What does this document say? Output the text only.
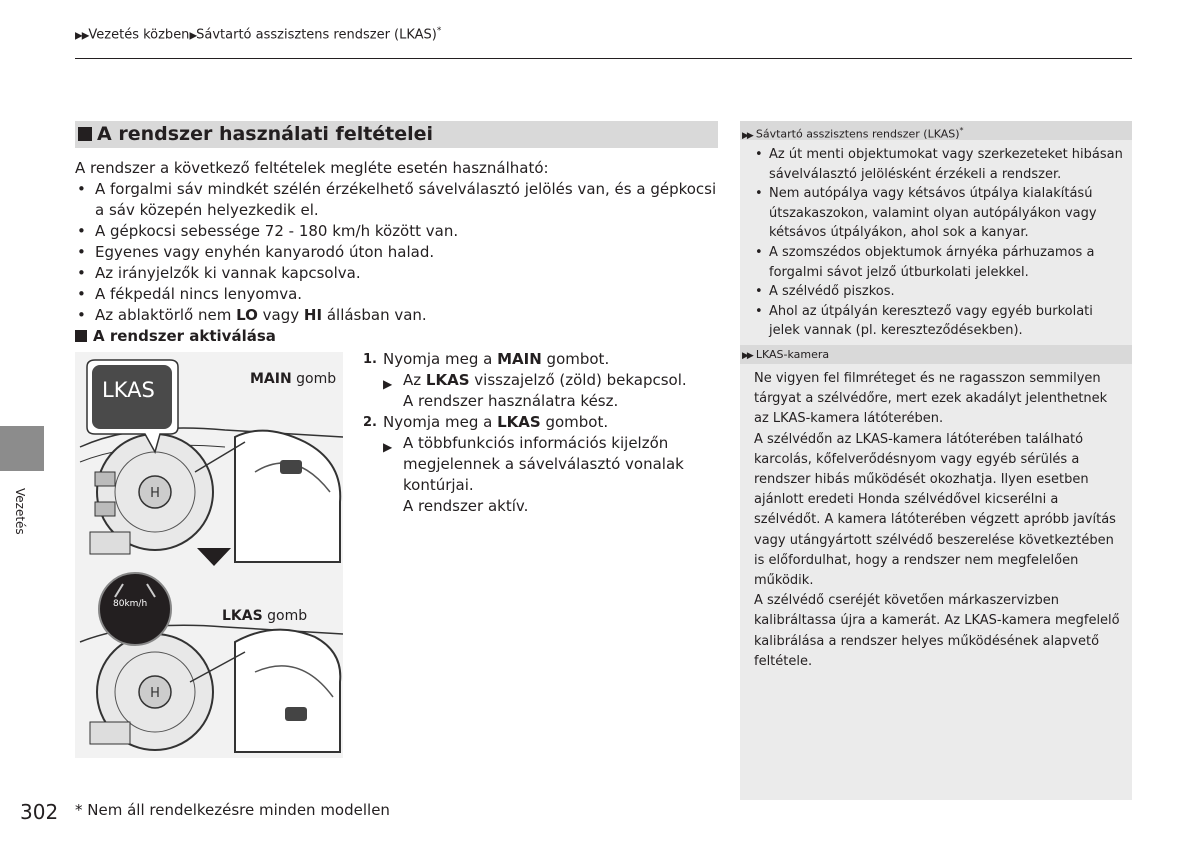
▶▶Vezetés közben▶Sávtartó asszisztens rendszer (LKAS)*
A rendszer használati feltételei
A rendszer a következő feltételek megléte esetén használható:
• A forgalmi sáv mindkét szélén érzékelhető sávelválasztó jelölés van, és a gépkocsi a sáv közepén helyezkedik el.
• A gépkocsi sebessége 72 - 180 km/h között van.
• Egyenes vagy enyhén kanyarodó úton halad.
• Az irányjelzők ki vannak kapcsolva.
• A fékpedál nincs lenyomva.
• Az ablaktörlő nem LO vagy HI állásban van.
A rendszer aktiválása
H
H
LKAS
80km/h
MAIN gomb
LKAS gomb
1. Nyomja meg a MAIN gombot.
▶ Az LKAS visszajelző (zöld) bekapcsol.
A rendszer használatra kész.
2. Nyomja meg a LKAS gombot.
▶ A többfunkciós információs kijelzőn megjelennek a sávelválasztó vonalak kontúrjai.
A rendszer aktív.
▶▶ Sávtartó asszisztens rendszer (LKAS)*
• Az út menti objektumokat vagy szerkezeteket hibásan sávelválasztó jelölésként érzékeli a rendszer.
• Nem autópálya vagy kétsávos útpálya kialakítású útszakaszokon, valamint olyan autópályákon vagy kétsávos útpályákon, ahol sok a kanyar.
• A szomszédos objektumok árnyéka párhuzamos a forgalmi sávot jelző útburkolati jelekkel.
• A szélvédő piszkos.
• Ahol az útpályán keresztező vagy egyéb burkolati jelek vannak (pl. kereszteződésekben).
▶▶ LKAS-kamera

Ne vigyen fel filmréteget és ne ragasszon semmilyen tárgyat a szélvédőre, mert ezek akadályt jelenthetnek az LKAS-kamera látóterében.

A szélvédőn az LKAS-kamera látóterében található karcolás, kőfelverődésnyom vagy egyéb sérülés a rendszer hibás működését okozhatja. Ilyen esetben ajánlott eredeti Honda szélvédővel kicserélni a szélvédőt. A kamera látóterében végzett apróbb javítás vagy utángyártott szélvédő beszerelése következtében is előfordulhat, hogy a rendszer nem megfelelően működik.

A szélvédő cseréjét követően márkaszervizben kalibráltassa újra a kamerát. Az LKAS-kamera megfelelő kalibrálása a rendszer helyes működésének alapvető feltétele.

Vezetés
302 * Nem áll rendelkezésre minden modellen
